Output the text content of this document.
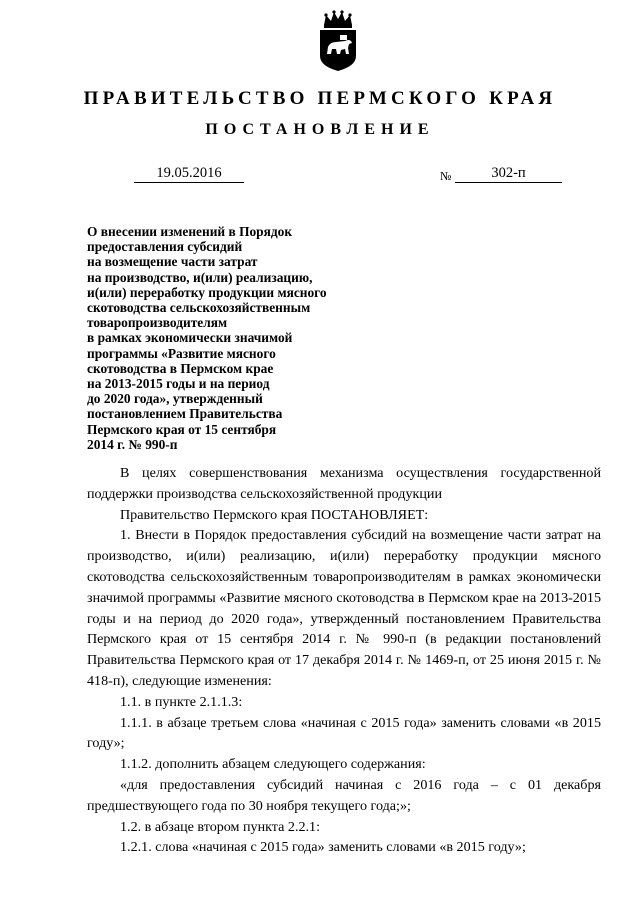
ПРАВИТЕЛЬСТВО ПЕРМСКОГО КРАЯ
ПОСТАНОВЛЕНИЕ
19.05.2016	№	302-п
О внесении изменений в Порядок
предоставления субсидий
на возмещение части затрат
на производство, и(или) реализацию,
и(или) переработку продукции мясного
скотоводства сельскохозяйственным
товаропроизводителям
в рамках экономически значимой
программы «Развитие мясного
скотоводства в Пермском крае
на 2013-2015 годы и на период
до 2020 года», утвержденный
постановлением Правительства
Пермского края от 15 сентября
2014 г. № 990-п

В целях совершенствования механизма осуществления государственной поддержки производства сельскохозяйственной продукции

Правительство Пермского края ПОСТАНОВЛЯЕТ:

1. Внести в Порядок предоставления субсидий на возмещение части затрат на производство, и(или) реализацию, и(или) переработку продукции мясного скотоводства сельскохозяйственным товаропроизводителям в рамках экономически значимой программы «Развитие мясного скотоводства в Пермском крае на 2013-2015 годы и на период до 2020 года», утвержденный постановлением Правительства Пермского края от 15 сентября 2014 г. № 990-п (в редакции постановлений Правительства Пермского края от 17 декабря 2014 г. № 1469-п, от 25 июня 2015 г. № 418-п), следующие изменения:

1.1. в пункте 2.1.1.3:

1.1.1. в абзаце третьем слова «начиная с 2015 года» заменить словами «в 2015 году»;

1.1.2. дополнить абзацем следующего содержания:

«для предоставления субсидий начиная с 2016 года – с 01 декабря предшествующего года по 30 ноября текущего года;»;

1.2. в абзаце втором пункта 2.2.1:

1.2.1. слова «начиная с 2015 года» заменить словами «в 2015 году»;
